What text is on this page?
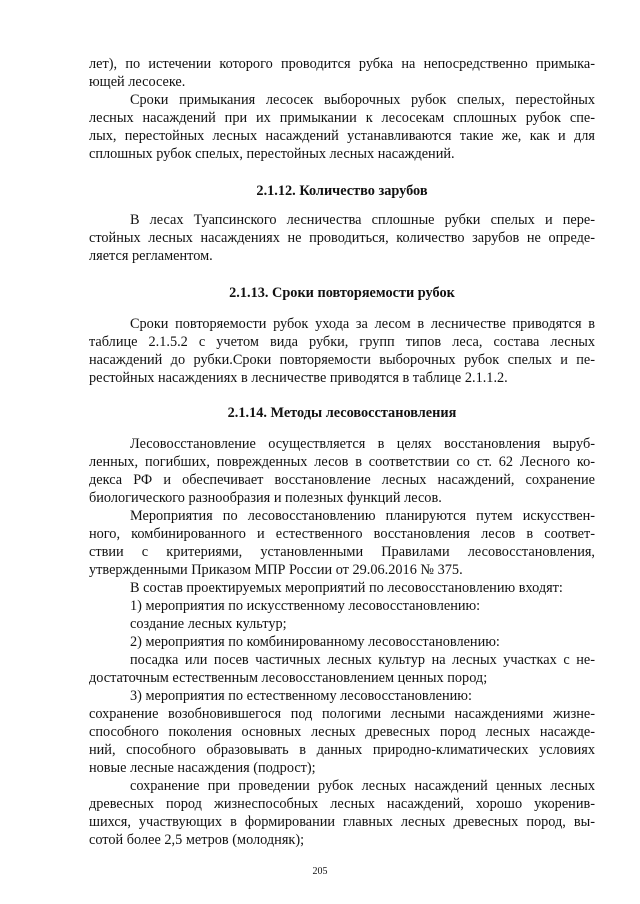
лет), по истечении которого проводится рубка на непосредственно примыка-
ющей лесосеке.
Сроки примыкания лесосек выборочных рубок спелых, перестойных
лесных насаждений при их примыкании к лесосекам сплошных рубок спе-
лых, перестойных лесных насаждений устанавливаются такие же, как и для
сплошных рубок спелых, перестойных лесных насаждений.
2.1.12. Количество зарубов
В лесах Туапсинского лесничества сплошные рубки спелых и пере-
стойных лесных насаждениях не проводиться, количество зарубов не опреде-
ляется регламентом.
2.1.13. Сроки повторяемости рубок
Сроки повторяемости рубок ухода за лесом в лесничестве приводятся в
таблице 2.1.5.2 с учетом вида рубки, групп типов леса, состава лесных
насаждений до рубки.Сроки повторяемости выборочных рубок спелых и пе-
рестойных насаждениях в лесничестве приводятся в таблице 2.1.1.2.
2.1.14. Методы лесовосстановления
Лесовосстановление осуществляется в целях восстановления выруб-
ленных, погибших, поврежденных лесов в соответствии со ст. 62 Лесного ко-
декса РФ и обеспечивает восстановление лесных насаждений, сохранение
биологического разнообразия и полезных функций лесов.
Мероприятия по лесовосстановлению планируются путем искусствен-
ного, комбинированного и естественного восстановления лесов в соответ-
ствии с критериями, установленными Правилами лесовосстановления,
утвержденными Приказом МПР России от 29.06.2016 № 375.
В состав проектируемых мероприятий по лесовосстановлению входят:
1) мероприятия по искусственному лесовосстановлению:
создание лесных культур;
2) мероприятия по комбинированному лесовосстановлению:
посадка или посев частичных лесных культур на лесных участках с не-
достаточным естественным лесовосстановлением ценных пород;
3) мероприятия по естественному лесовосстановлению:
сохранение возобновившегося под пологими лесными насаждениями жизне-
способного поколения основных лесных древесных пород лесных насажде-
ний, способного образовывать в данных природно-климатических условиях
новые лесные насаждения (подрост);
сохранение при проведении рубок лесных насаждений ценных лесных
древесных пород жизнеспособных лесных насаждений, хорошо укоренив-
шихся, участвующих в формировании главных лесных древесных пород, вы-
сотой более 2,5 метров (молодняк);
205
